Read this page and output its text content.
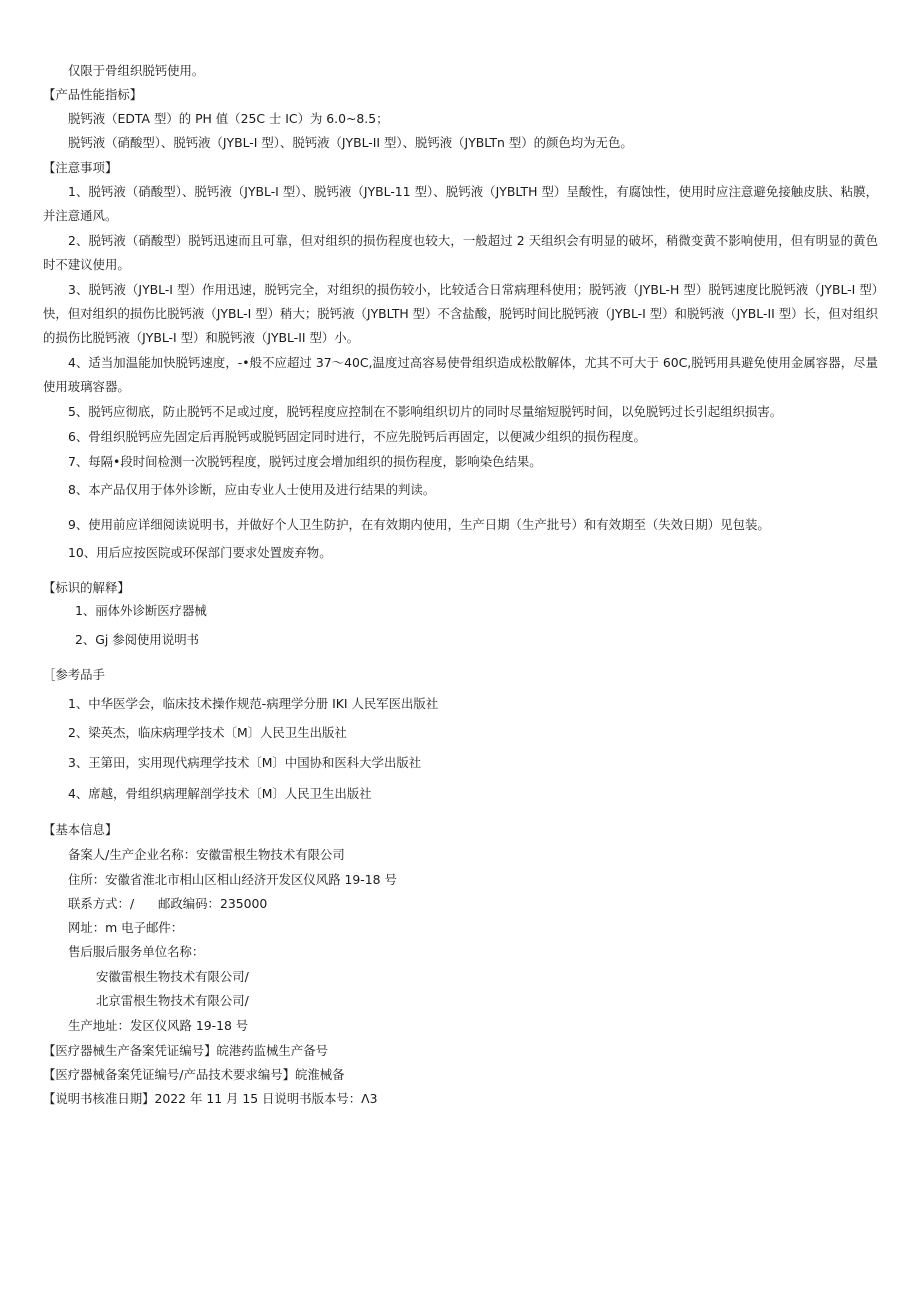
仅限于骨组织脱钙使用。
【产品性能指标】
脱钙液（EDTA 型）的 PH 值（25C 士 IC）为 6.0~8.5；
脱钙液（硝酸型）、脱钙液（JYBL-I 型）、脱钙液（JYBL-II 型）、脱钙液（JYBLTn 型）的颜色均为无色。
【注意事项】
1、脱钙液（硝酸型）、脱钙液（JYBL-I 型）、脱钙液（JYBL-11 型）、脱钙液（JYBLTH 型）呈酸性，有腐蚀性，使用时应注意避免接触皮肤、粘膜，并注意通风。
2、脱钙液（硝酸型）脱钙迅速而且可靠，但对组织的损伤程度也较大，一般超过 2 天组织会有明显的破坏，稍微变黄不影响使用，但有明显的黄色时不建议使用。
3、脱钙液（JYBL-I 型）作用迅速，脱钙完全，对组织的损伤较小，比较适合日常病理科使用；脱钙液（JYBL-H 型）脱钙速度比脱钙液（JYBL-I 型）快，但对组织的损伤比脱钙液（JYBL-I 型）稍大；脱钙液（JYBLTH 型）不含盐酸，脱钙时间比脱钙液（JYBL-I 型）和脱钙液（JYBL-II 型）长，但对组织的损伤比脱钙液（JYBL-I 型）和脱钙液（JYBL-II 型）小。
4、适当加温能加快脱钙速度，-•般不应超过 37～40C,温度过高容易使骨组织造成松散解体，尤其不可大于 60C,脱钙用具避免使用金属容器，尽量使用玻璃容器。
5、脱钙应彻底，防止脱钙不足或过度，脱钙程度应控制在不影响组织切片的同时尽量缩短脱钙时间，以免脱钙过长引起组织损害。
6、骨组织脱钙应先固定后再脱钙或脱钙固定同时进行，不应先脱钙后再固定，以便减少组织的损伤程度。
7、每隔•段时间检测一次脱钙程度，脱钙过度会增加组织的损伤程度，影响染色结果。
8、本产品仅用于体外诊断，应由专业人士使用及进行结果的判读。
9、使用前应详细阅读说明书，并做好个人卫生防护，在有效期内使用，生产日期（生产批号）和有效期至（失效日期）见包装。
10、用后应按医院或环保部门要求处置废弃物。
【标识的解释】
1、丽体外诊断医疗器械
2、Gj 参阅使用说明书
［参考品手
1、中华医学会，临床技术操作规范-病理学分册 IKI 人民军医出版社
2、梁英杰，临床病理学技术〔M〕人民卫生出版社
3、王第田，实用现代病理学技术〔M〕中国协和医科大学出版社
4、席越，骨组织病理解剖学技术〔M〕人民卫生出版社
【基本信息】
备案人/生产企业名称：安徽雷根生物技术有限公司
住所：安徽省淮北市相山区相山经济开发区仪风路 19-18 号
联系方式：/ 邮政编码：235000
网址：m 电子邮件：
售后服后服务单位名称：
安徽雷根生物技术有限公司/
北京雷根生物技术有限公司/
生产地址：发区仪风路 19-18 号
【医疗器械生产备案凭证编号】皖港药监械生产备号
【医疗器械备案凭证编号/产品技术要求编号】皖淮械备
【说明书核准日期】2022 年 11 月 15 日说明书版本号：Λ3
